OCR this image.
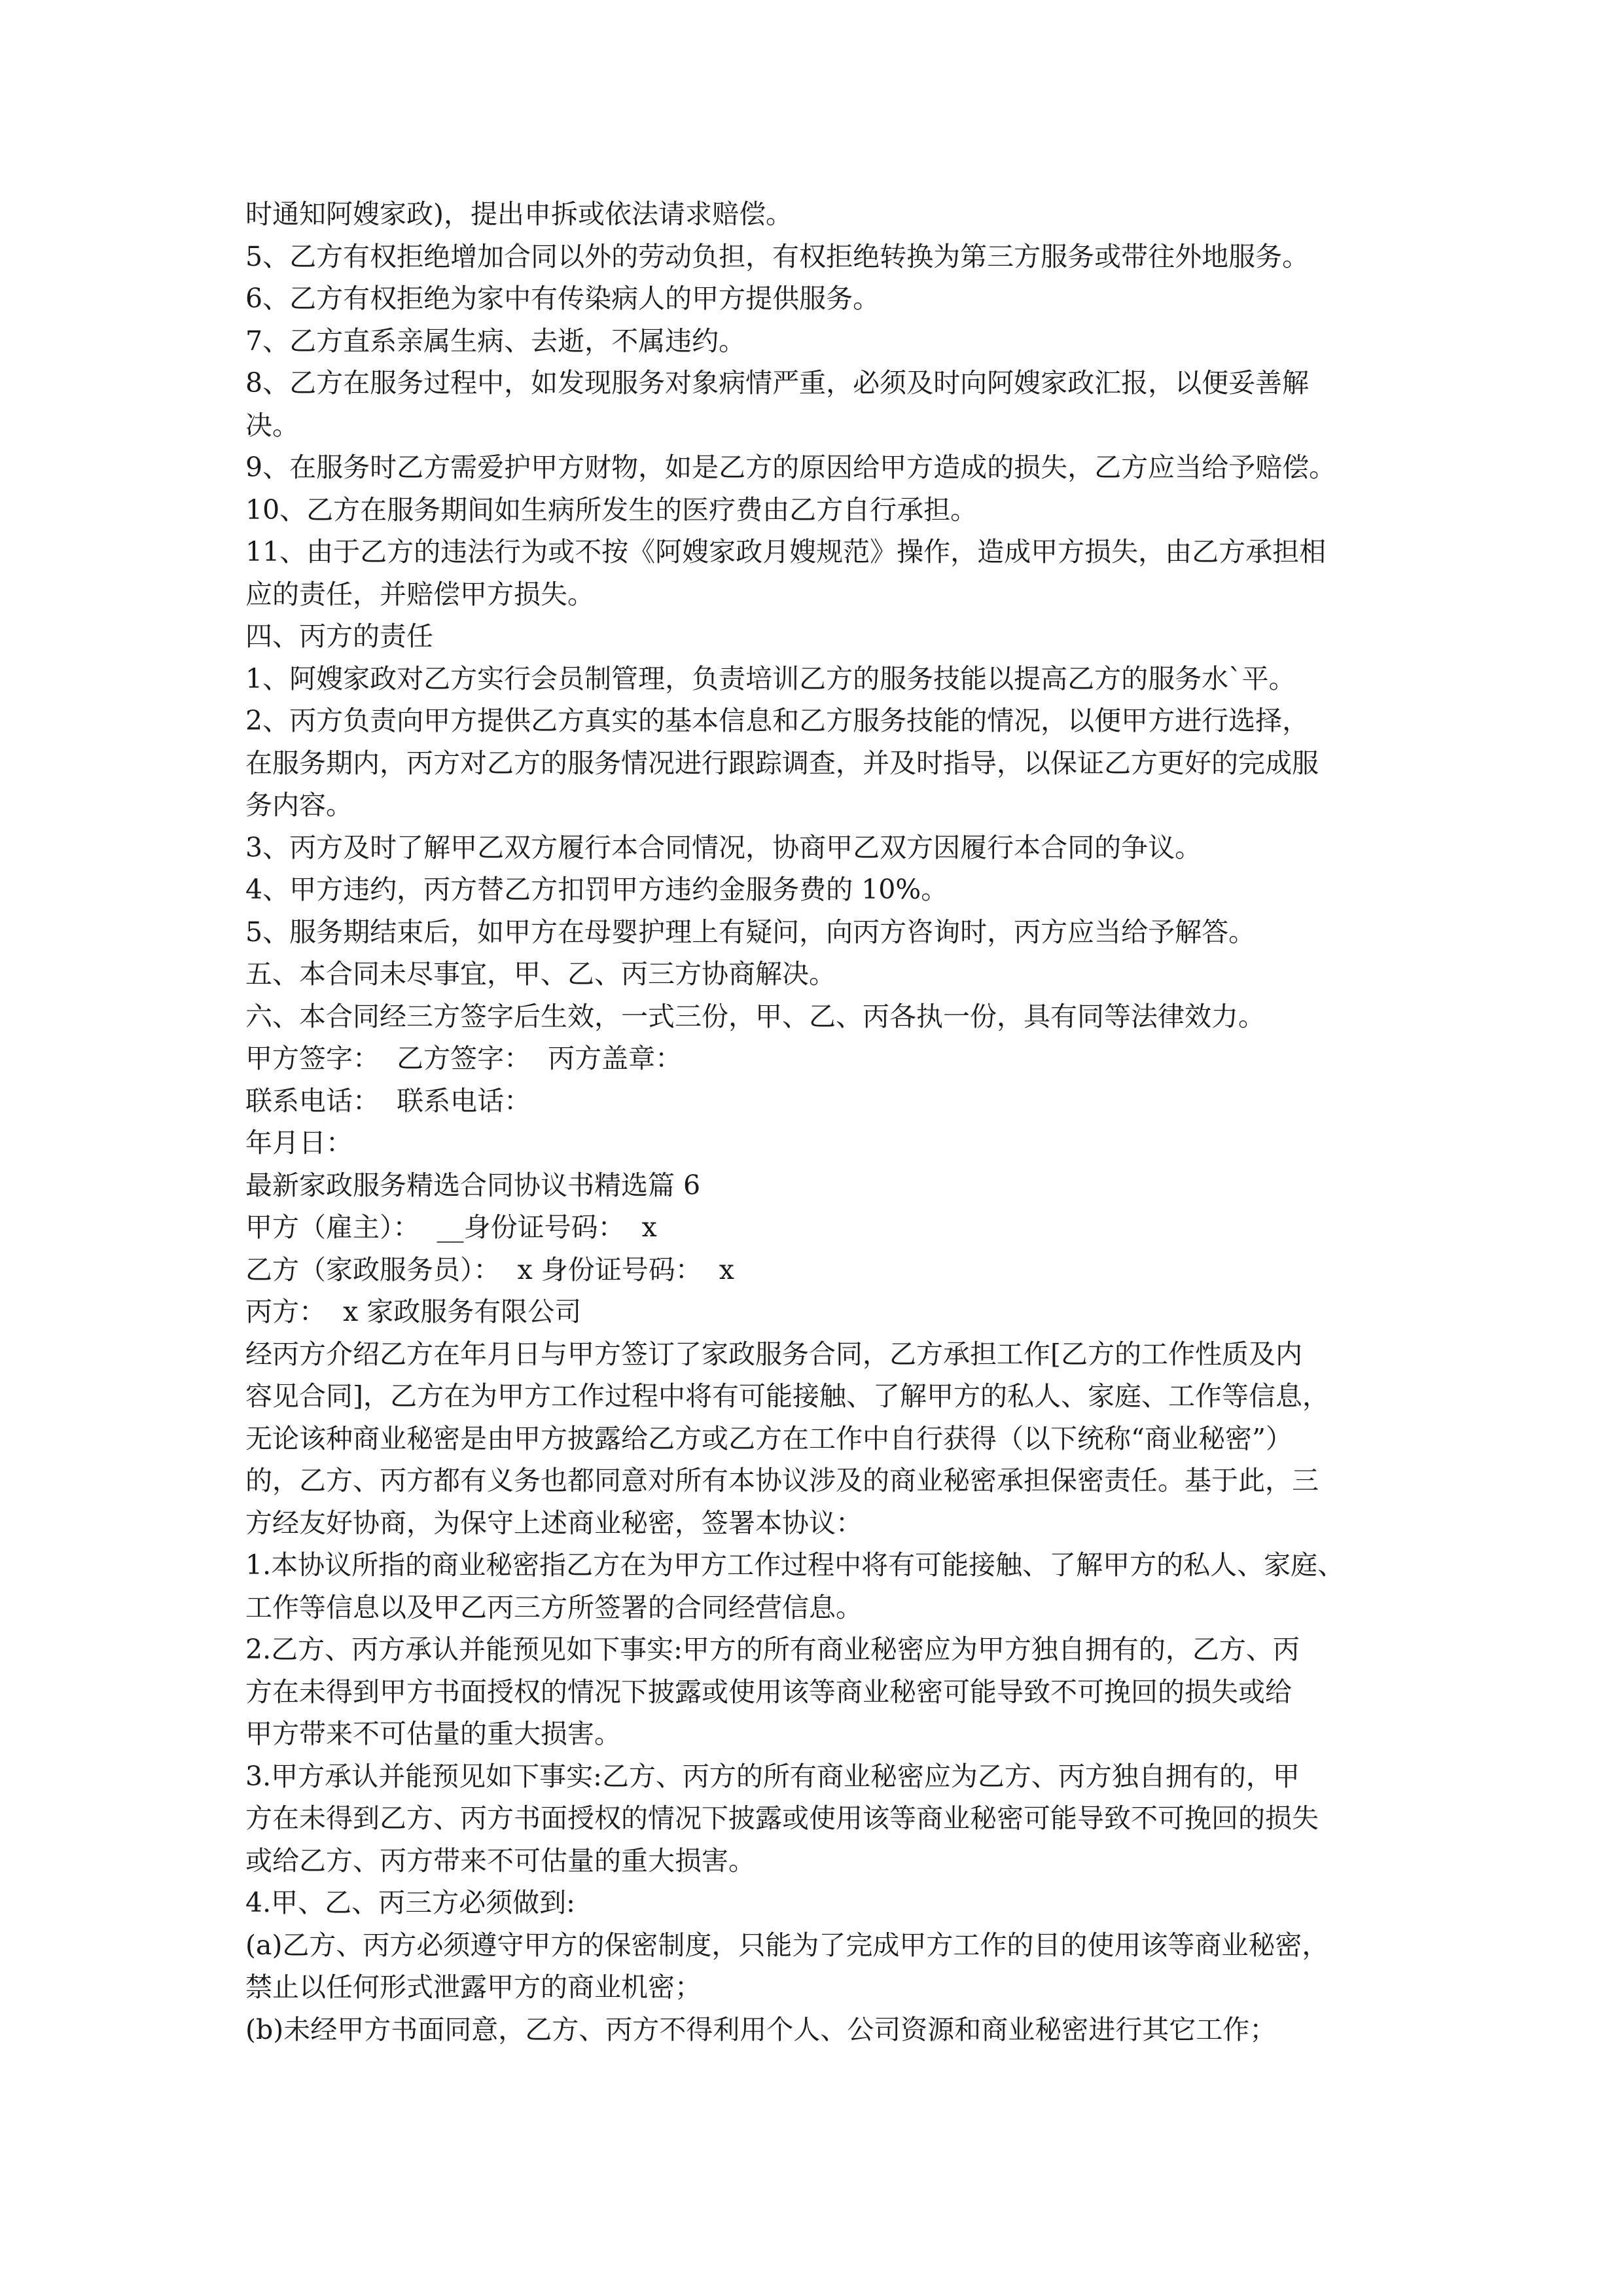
时通知阿嫂家政)，提出申拆或依法请求赔偿。
5、乙方有权拒绝增加合同以外的劳动负担，有权拒绝转换为第三方服务或带往外地服务。
6、乙方有权拒绝为家中有传染病人的甲方提供服务。
7、乙方直系亲属生病、去逝，不属违约。
8、乙方在服务过程中，如发现服务对象病情严重，必须及时向阿嫂家政汇报，以便妥善解
决。
9、在服务时乙方需爱护甲方财物，如是乙方的原因给甲方造成的损失，乙方应当给予赔偿。
10、乙方在服务期间如生病所发生的医疗费由乙方自行承担。
11、由于乙方的违法行为或不按《阿嫂家政月嫂规范》操作，造成甲方损失，由乙方承担相
应的责任，并赔偿甲方损失。
四、丙方的责任
1、阿嫂家政对乙方实行会员制管理，负责培训乙方的服务技能以提高乙方的服务水`平。
2、丙方负责向甲方提供乙方真实的基本信息和乙方服务技能的情况，以便甲方进行选择，
在服务期内，丙方对乙方的服务情况进行跟踪调查，并及时指导，以保证乙方更好的完成服
务内容。
3、丙方及时了解甲乙双方履行本合同情况，协商甲乙双方因履行本合同的争议。
4、甲方违约，丙方替乙方扣罚甲方违约金服务费的 10%。
5、服务期结束后，如甲方在母婴护理上有疑问，向丙方咨询时，丙方应当给予解答。
五、本合同未尽事宜，甲、乙、丙三方协商解决。
六、本合同经三方签字后生效，一式三份，甲、乙、丙各执一份，具有同等法律效力。
甲方签字：  乙方签字：  丙方盖章：
联系电话：  联系电话：
年月日：
最新家政服务精选合同协议书精选篇 6
甲方（雇主）：  __身份证号码：  x
乙方（家政服务员）：  x 身份证号码：  x
丙方：  x 家政服务有限公司
经丙方介绍乙方在年月日与甲方签订了家政服务合同，乙方承担工作[乙方的工作性质及内
容见合同]，乙方在为甲方工作过程中将有可能接触、了解甲方的私人、家庭、工作等信息，
无论该种商业秘密是由甲方披露给乙方或乙方在工作中自行获得（以下统称“商业秘密”）
的，乙方、丙方都有义务也都同意对所有本协议涉及的商业秘密承担保密责任。基于此，三
方经友好协商，为保守上述商业秘密，签署本协议：
1.本协议所指的商业秘密指乙方在为甲方工作过程中将有可能接触、了解甲方的私人、家庭、
工作等信息以及甲乙丙三方所签署的合同经营信息。
2.乙方、丙方承认并能预见如下事实:甲方的所有商业秘密应为甲方独自拥有的，乙方、丙
方在未得到甲方书面授权的情况下披露或使用该等商业秘密可能导致不可挽回的损失或给
甲方带来不可估量的重大损害。
3.甲方承认并能预见如下事实:乙方、丙方的所有商业秘密应为乙方、丙方独自拥有的，甲
方在未得到乙方、丙方书面授权的情况下披露或使用该等商业秘密可能导致不可挽回的损失
或给乙方、丙方带来不可估量的重大损害。
4.甲、乙、丙三方必须做到:
(a)乙方、丙方必须遵守甲方的保密制度，只能为了完成甲方工作的目的使用该等商业秘密，
禁止以任何形式泄露甲方的商业机密；
(b)未经甲方书面同意，乙方、丙方不得利用个人、公司资源和商业秘密进行其它工作；
